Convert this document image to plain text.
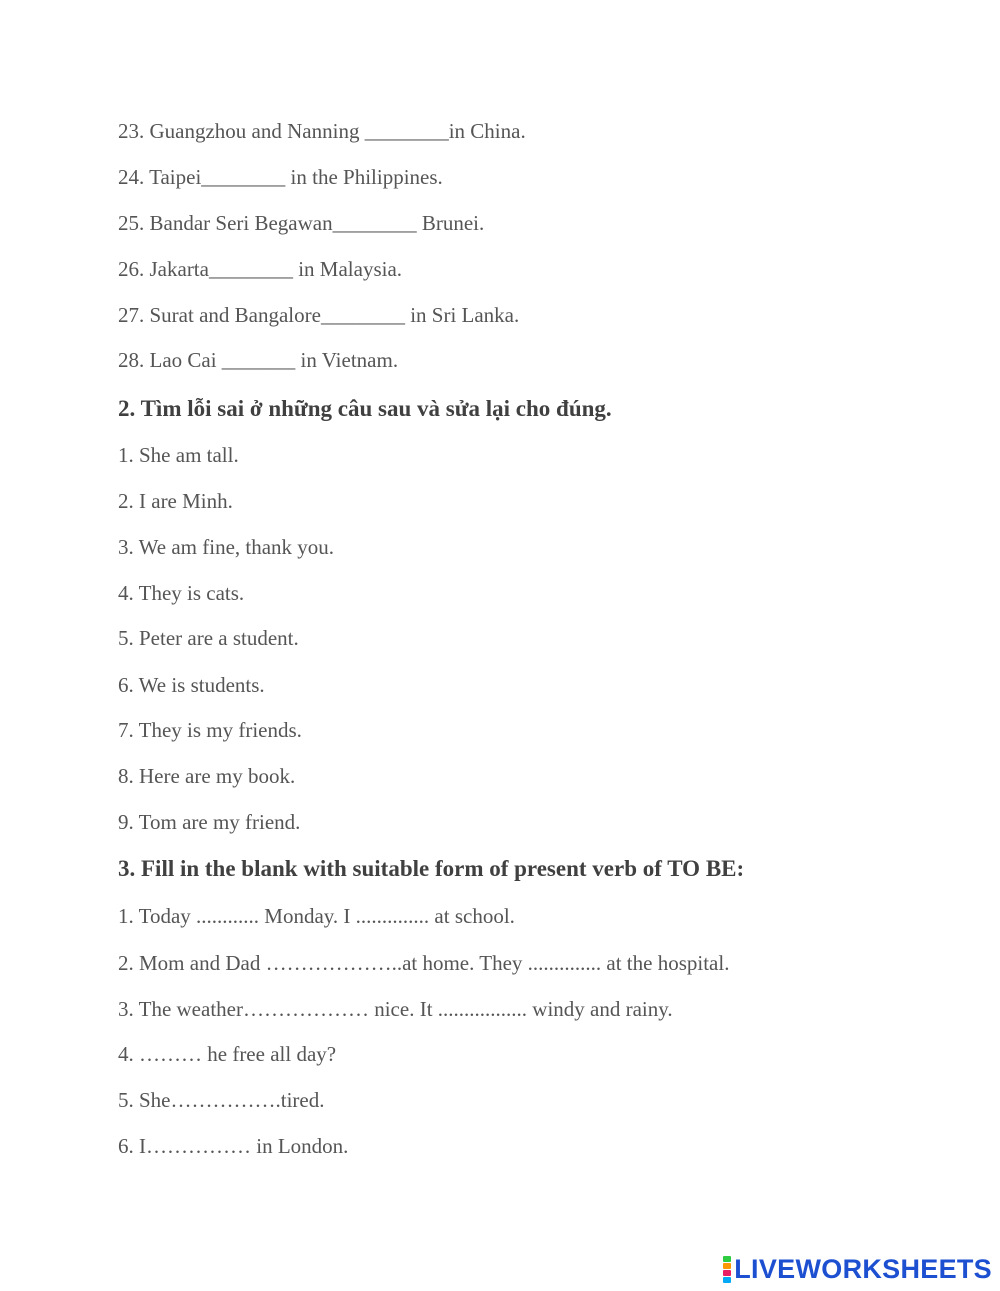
23. Guangzhou and Nanning ________in China.
24. Taipei________ in the Philippines.
25. Bandar Seri Begawan________ Brunei.
26. Jakarta________ in Malaysia.
27. Surat and Bangalore________ in Sri Lanka.
28. Lao Cai _______ in Vietnam.
2. Tìm lỗi sai ở những câu sau và sửa lại cho đúng.
1. She am tall.
2. I are Minh.
3. We am fine, thank you.
4. They is cats.
5. Peter are a student.
6. We is students.
7. They is my friends.
8. Here are my book.
9. Tom are my friend.
3. Fill in the blank with suitable form of present verb of TO BE:
1. Today ............ Monday. I .............. at school.
2. Mom and Dad ………………..at home. They .............. at the hospital.
3. The weather……………… nice. It ................. windy and rainy.
4. ……… he free all day?
5. She…………….tired.
6. I…………… in London.
LIVEWORKSHEETS
